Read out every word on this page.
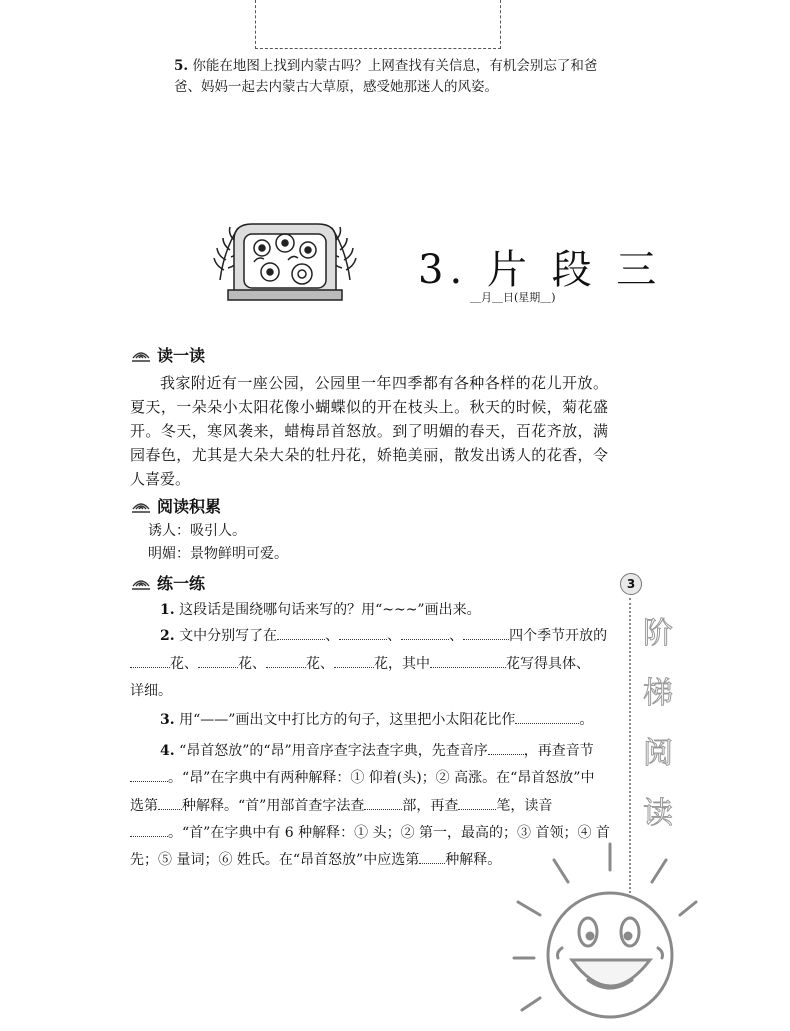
5. 你能在地图上找到内蒙古吗？上网查找有关信息，有机会别忘了和爸爸、妈妈一起去内蒙古大草原，感受她那迷人的风姿。
3. 片 段 三
＿月＿日(星期＿)
读一读
我家附近有一座公园，公园里一年四季都有各种各样的花儿开放。夏天，一朵朵小太阳花像小蝴蝶似的开在枝头上。秋天的时候，菊花盛开。冬天，寒风袭来，蜡梅昂首怒放。到了明媚的春天，百花齐放，满园春色，尤其是大朵大朵的牡丹花，娇艳美丽，散发出诱人的花香，令人喜爱。
阅读积累
诱人：吸引人。
明媚：景物鲜明可爱。
练一练
1. 这段话是围绕哪句话来写的？用“~~~”画出来。
2. 文中分别写了在	、	、	、	四个季节开放的
花、	花、	花、	花，其中	花写得具体、
详细。
3. 用“——”画出文中打比方的句子，这里把小太阳花比作	。
4. “昂首怒放”的“昂”用音序查字法查字典，先查音序	，再查音节
。“昂”在字典中有两种解释：① 仰着(头)；② 高涨。在“昂首怒放”中
选第 种解释。“首”用部首查字法查	部，再查	笔，读音
。“首”在字典中有 6 种解释：① 头；② 第一，最高的；③ 首领；④ 首
先；⑤ 量词；⑥ 姓氏。在“昂首怒放”中应选第 种解释。
3
阶
梯
阅
读
